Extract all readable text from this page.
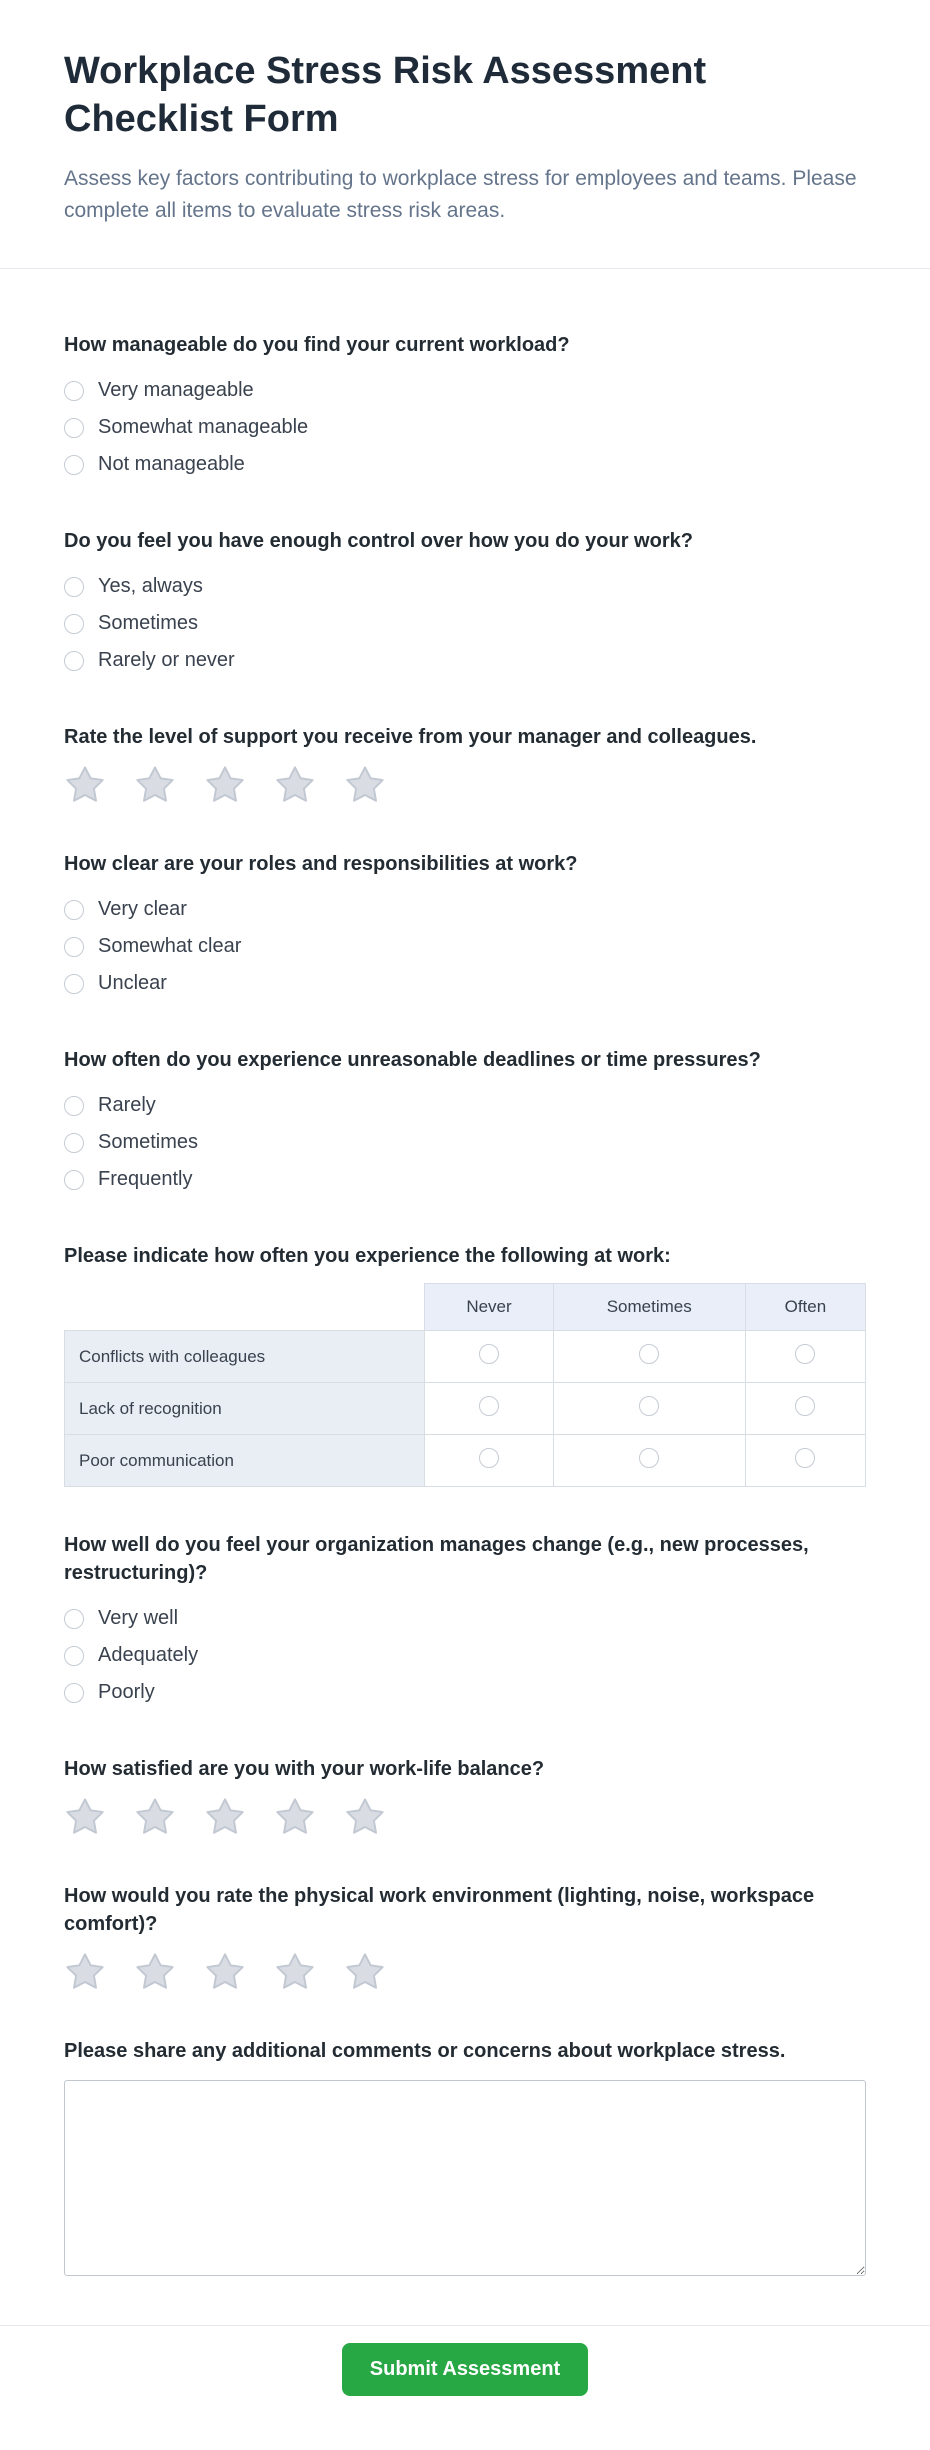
Workplace Stress Risk Assessment Checklist Form

Assess key factors contributing to workplace stress for employees and teams. Please complete all items to evaluate stress risk areas.

How manageable do you find your current workload?
Very manageable
Somewhat manageable
Not manageable
Do you feel you have enough control over how you do your work?
Yes, always
Sometimes
Rarely or never
Rate the level of support you receive from your manager and colleagues.
How clear are your roles and responsibilities at work?
Very clear
Somewhat clear
Unclear
How often do you experience unreasonable deadlines or time pressures?
Rarely
Sometimes
Frequently
Please indicate how often you experience the following at work:
	Never	Sometimes	Often
Conflicts with colleagues			
Lack of recognition			
Poor communication			
How well do you feel your organization manages change (e.g., new processes, restructuring)?
Very well
Adequately
Poorly
How satisfied are you with your work-life balance?
How would you rate the physical work environment (lighting, noise, workspace comfort)?
Please share any additional comments or concerns about workplace stress.
Submit Assessment
